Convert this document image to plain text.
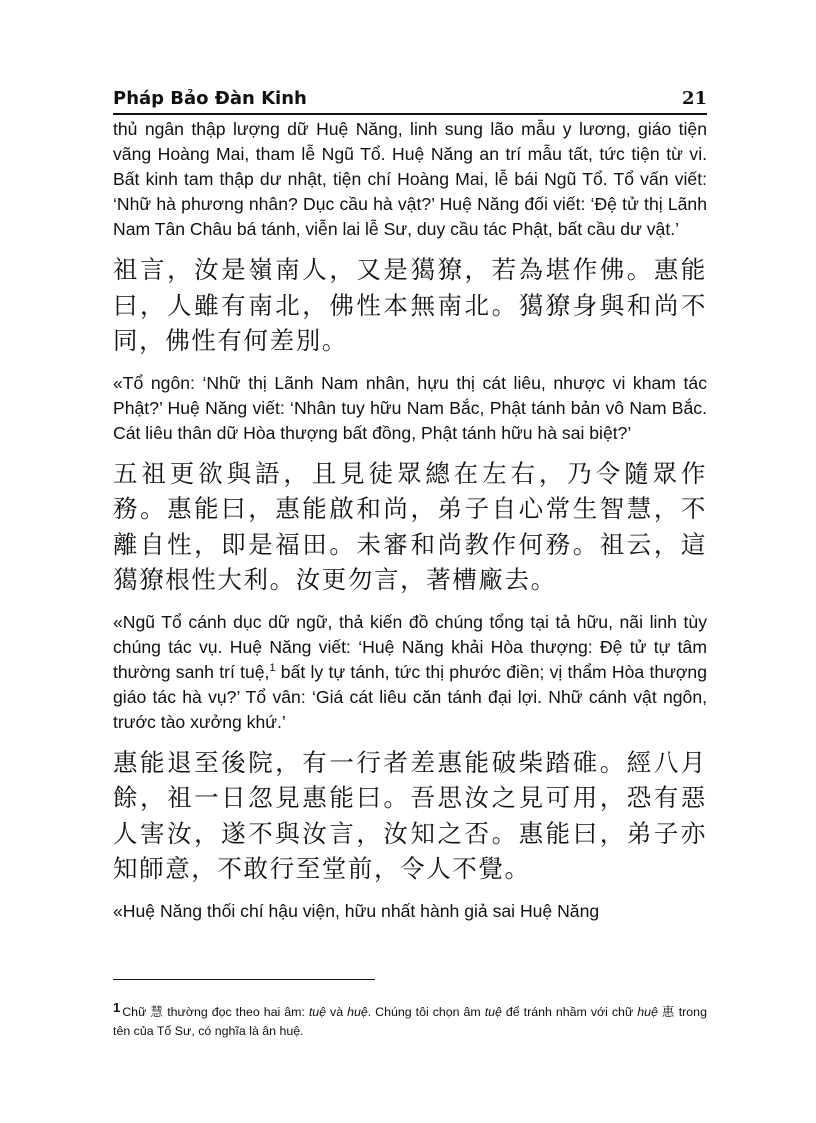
Pháp Bảo Đàn Kinh	21

thủ ngân thập lượng dữ Huệ Năng, linh sung lão mẫu y lương, giáo tiện vãng Hoàng Mai, tham lễ Ngũ Tổ. Huệ Năng an trí mẫu tất, tức tiện từ vi. Bất kinh tam thập dư nhật, tiện chí Hoàng Mai, lễ bái Ngũ Tổ. Tổ vấn viết: ‘Nhữ hà phương nhân? Dục cầu hà vật?’ Huệ Năng đối viết: ‘Đệ tử thị Lãnh Nam Tân Châu bá tánh, viễn lai lễ Sư, duy cầu tác Phật, bất cầu dư vật.’

祖言，汝是嶺南人，又是獦獠，若為堪作佛。惠能曰，人雖有南北，佛性本無南北。獦獠身與和尚不同，佛性有何差別。

«Tổ ngôn: ‘Nhữ thị Lãnh Nam nhân, hựu thị cát liêu, nhược vi kham tác Phật?’ Huệ Năng viết: ‘Nhân tuy hữu Nam Bắc, Phật tánh bản vô Nam Bắc. Cát liêu thân dữ Hòa thượng bất đồng, Phật tánh hữu hà sai biệt?’

五祖更欲與語，且見徒眾總在左右，乃令隨眾作務。惠能曰，惠能啟和尚，弟子自心常生智慧，不離自性，即是福田。未審和尚教作何務。祖云，這獦獠根性大利。汝更勿言，著槽廠去。

«Ngũ Tổ cánh dục dữ ngữ, thả kiến đồ chúng tổng tại tả hữu, nãi linh tùy chúng tác vụ. Huệ Năng viết: ‘Huệ Năng khải Hòa thượng: Đệ tử tự tâm thường sanh trí tuệ,$^1$ bất ly tự tánh, tức thị phước điền; vị thẩm Hòa thượng giáo tác hà vụ?’ Tổ vân: ‘Giá cát liêu căn tánh đại lợi. Nhữ cánh vật ngôn, trước tào xưởng khứ.’

惠能退至後院，有一行者差惠能破柴踏碓。經八月餘，祖一日忽見惠能曰。吾思汝之見可用，恐有惡人害汝，遂不與汝言，汝知之否。惠能曰，弟子亦知師意，不敢行至堂前，令人不覺。

«Huệ Năng thối chí hậu viện, hữu nhất hành giả sai Huệ Năng

1 Chữ 慧 thường đọc theo hai âm: tuệ và huệ. Chúng tôi chọn âm tuệ để tránh nhầm với chữ huệ 惠 trong tên của Tổ Sư, có nghĩa là ân huệ.
